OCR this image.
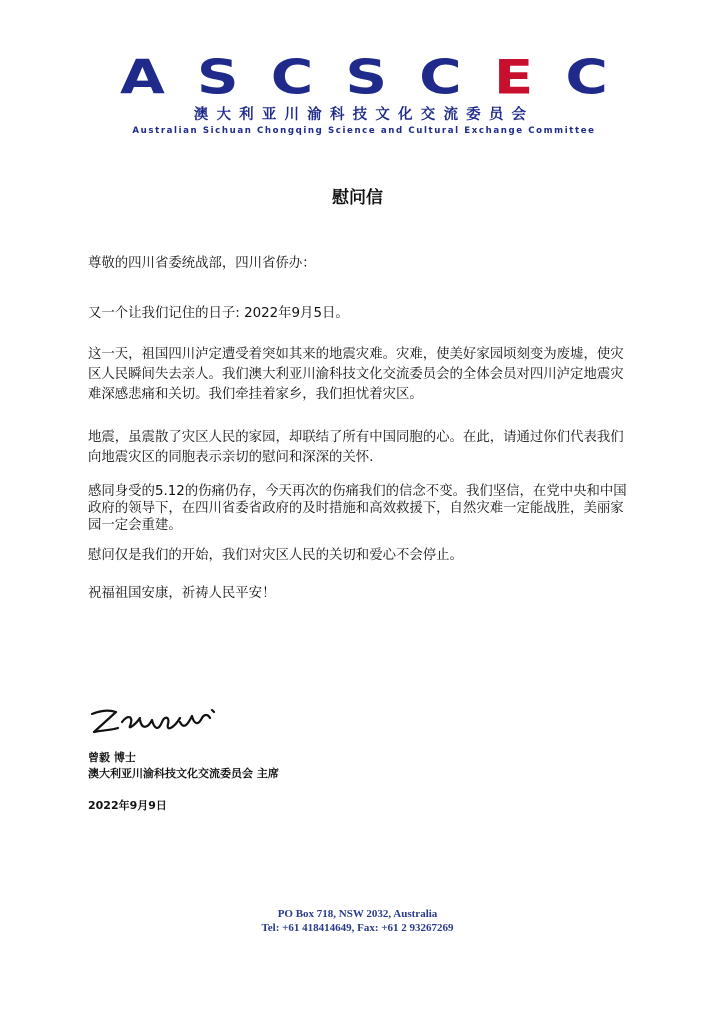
A S C S C E C
澳大利亚川渝科技文化交流委员会
Australian Sichuan Chongqing Science and Cultural Exchange Committee
慰问信
尊敬的四川省委统战部，四川省侨办：
又一个让我们记住的日子: 2022年9月5日。
这一天，祖国四川泸定遭受着突如其来的地震灾难。灾难，使美好家园顷刻变为废墟，使灾区人民瞬间失去亲人。我们澳大利亚川渝科技文化交流委员会的全体会员对四川泸定地震灾难深感悲痛和关切。我们牵挂着家乡，我们担忧着灾区。
地震，虽震散了灾区人民的家园，却联结了所有中国同胞的心。在此，请通过你们代表我们向地震灾区的同胞表示亲切的慰问和深深的关怀.
感同身受的5.12的伤痛仍存，今天再次的伤痛我们的信念不变。我们坚信，在党中央和中国政府的领导下，在四川省委省政府的及时措施和高效救援下，自然灾难一定能战胜，美丽家园一定会重建。
慰问仅是我们的开始，我们对灾区人民的关切和爱心不会停止。
祝福祖国安康，祈祷人民平安！
曾毅 博士
澳大利亚川渝科技文化交流委员会 主席
2022年9月9日
PO Box 718, NSW 2032, Australia
Tel: +61 418414649, Fax: +61 2 93267269
